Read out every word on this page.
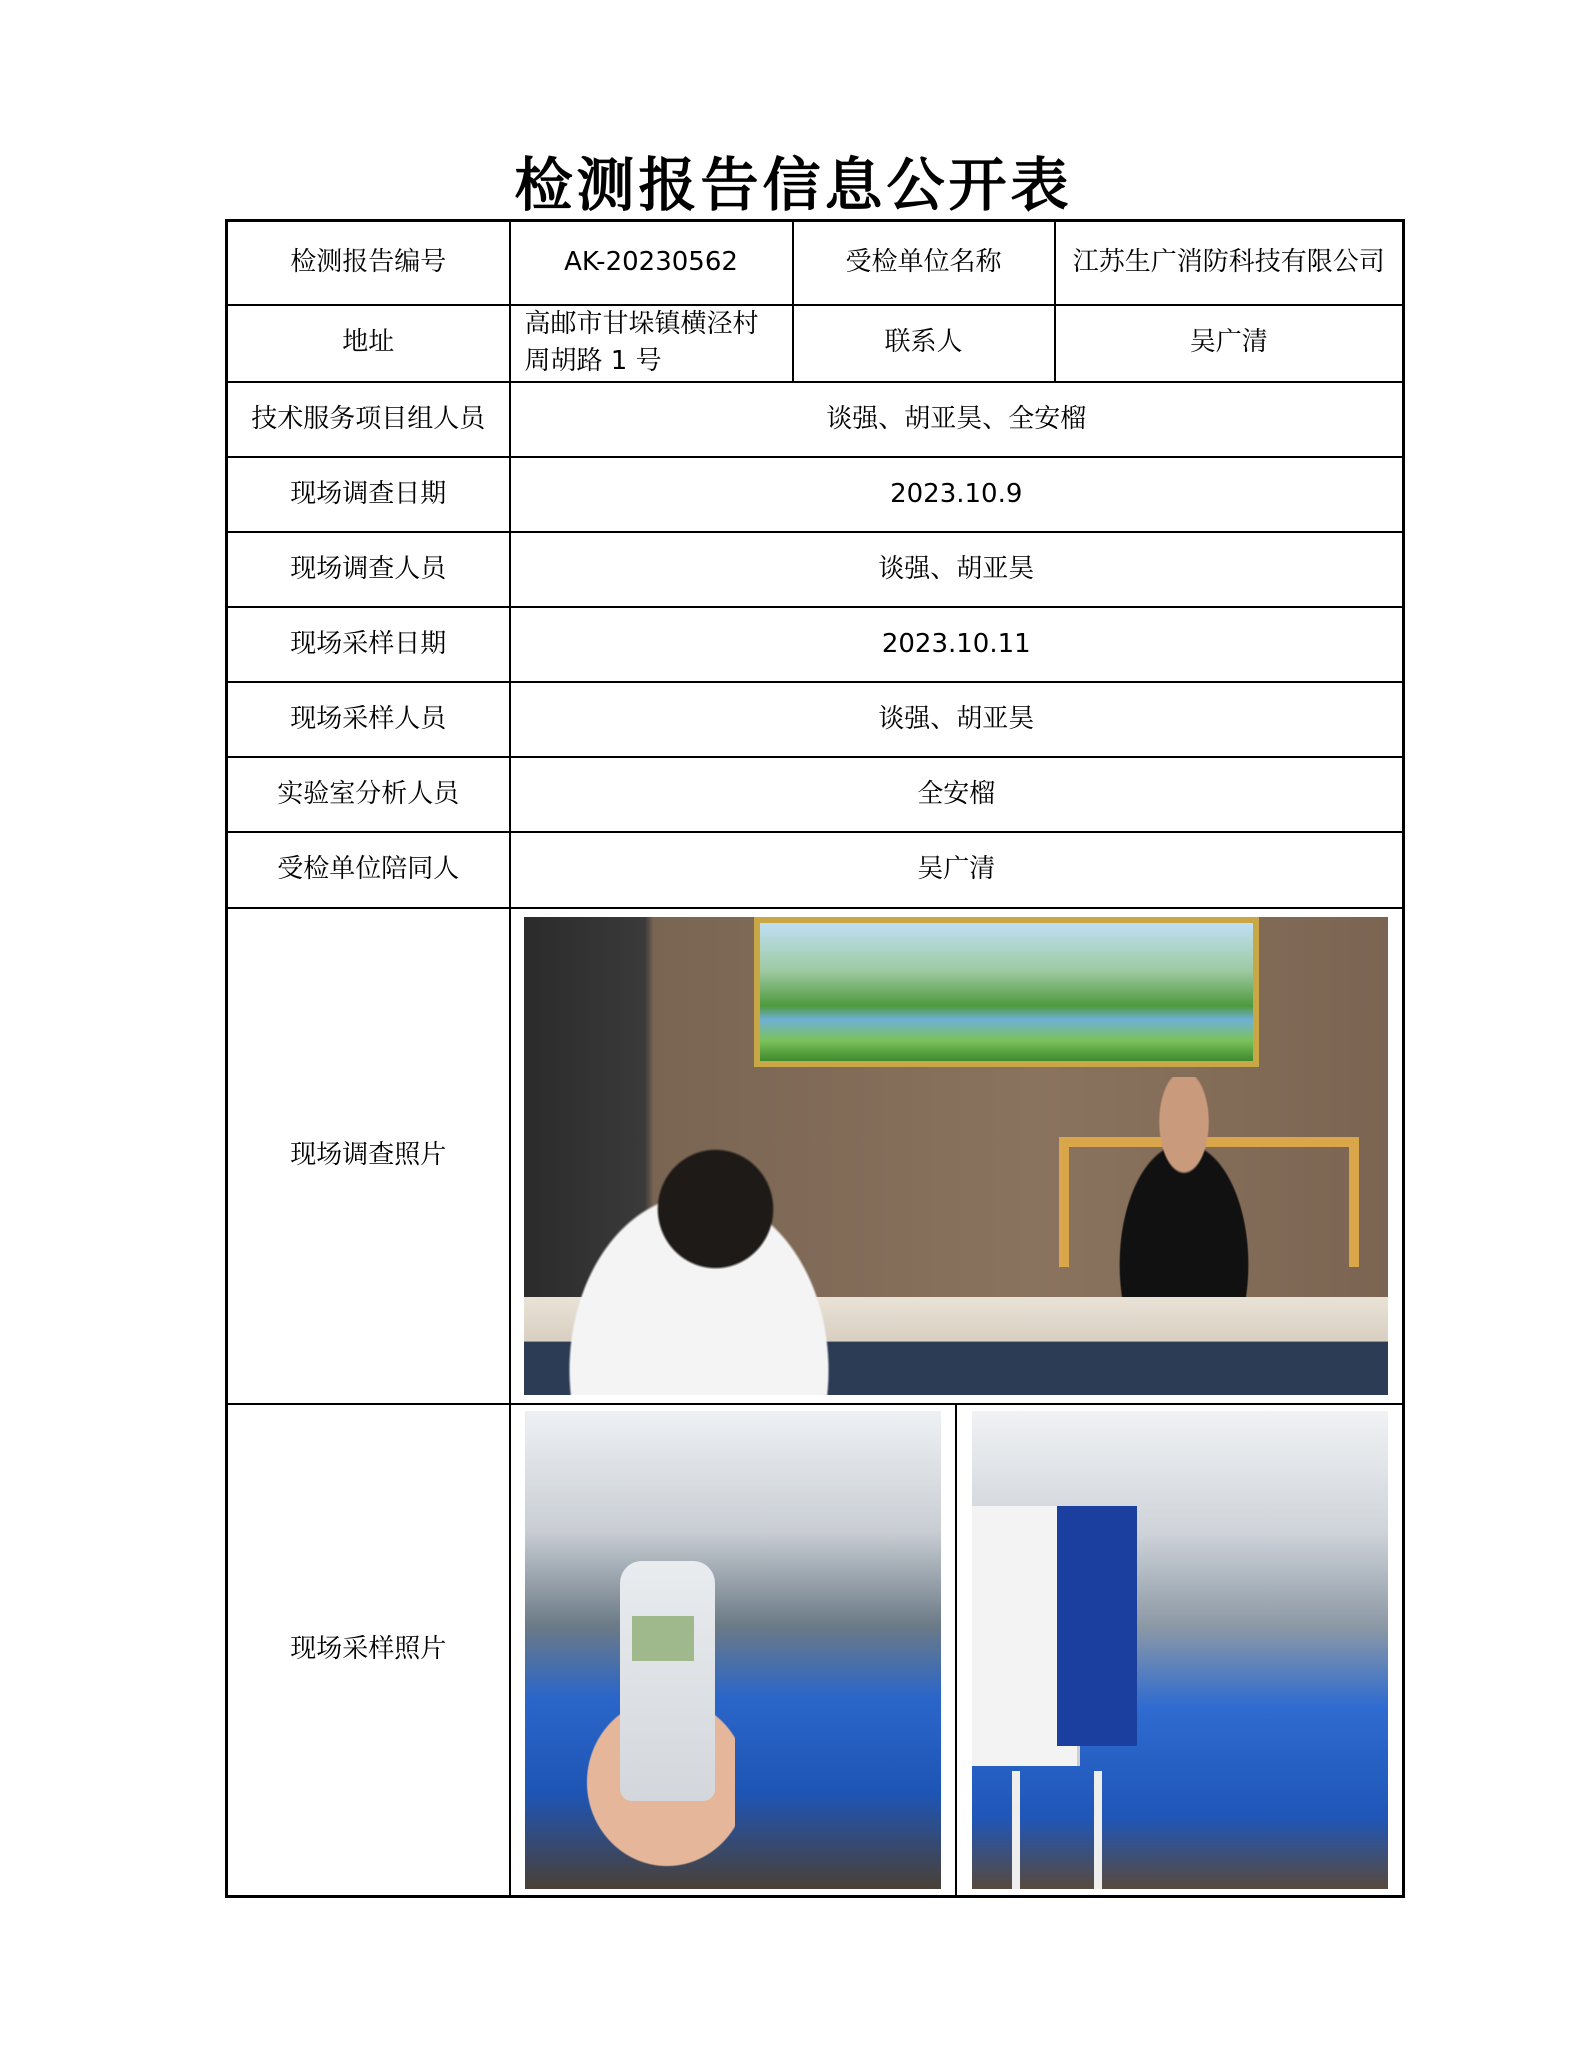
检测报告信息公开表
检测报告编号	AK-20230562	受检单位名称	江苏生广消防科技有限公司
地址	高邮市甘垛镇横泾村周胡路 1 号	联系人	吴广清
技术服务项目组人员	谈强、胡亚昊、全安榴		
现场调查日期	2023.10.9		
现场调查人员	谈强、胡亚昊		
现场采样日期	2023.10.11		
现场采样人员	谈强、胡亚昊		
实验室分析人员	全安榴		
受检单位陪同人	吴广清		
现场调查照片			

现场采样照片			
